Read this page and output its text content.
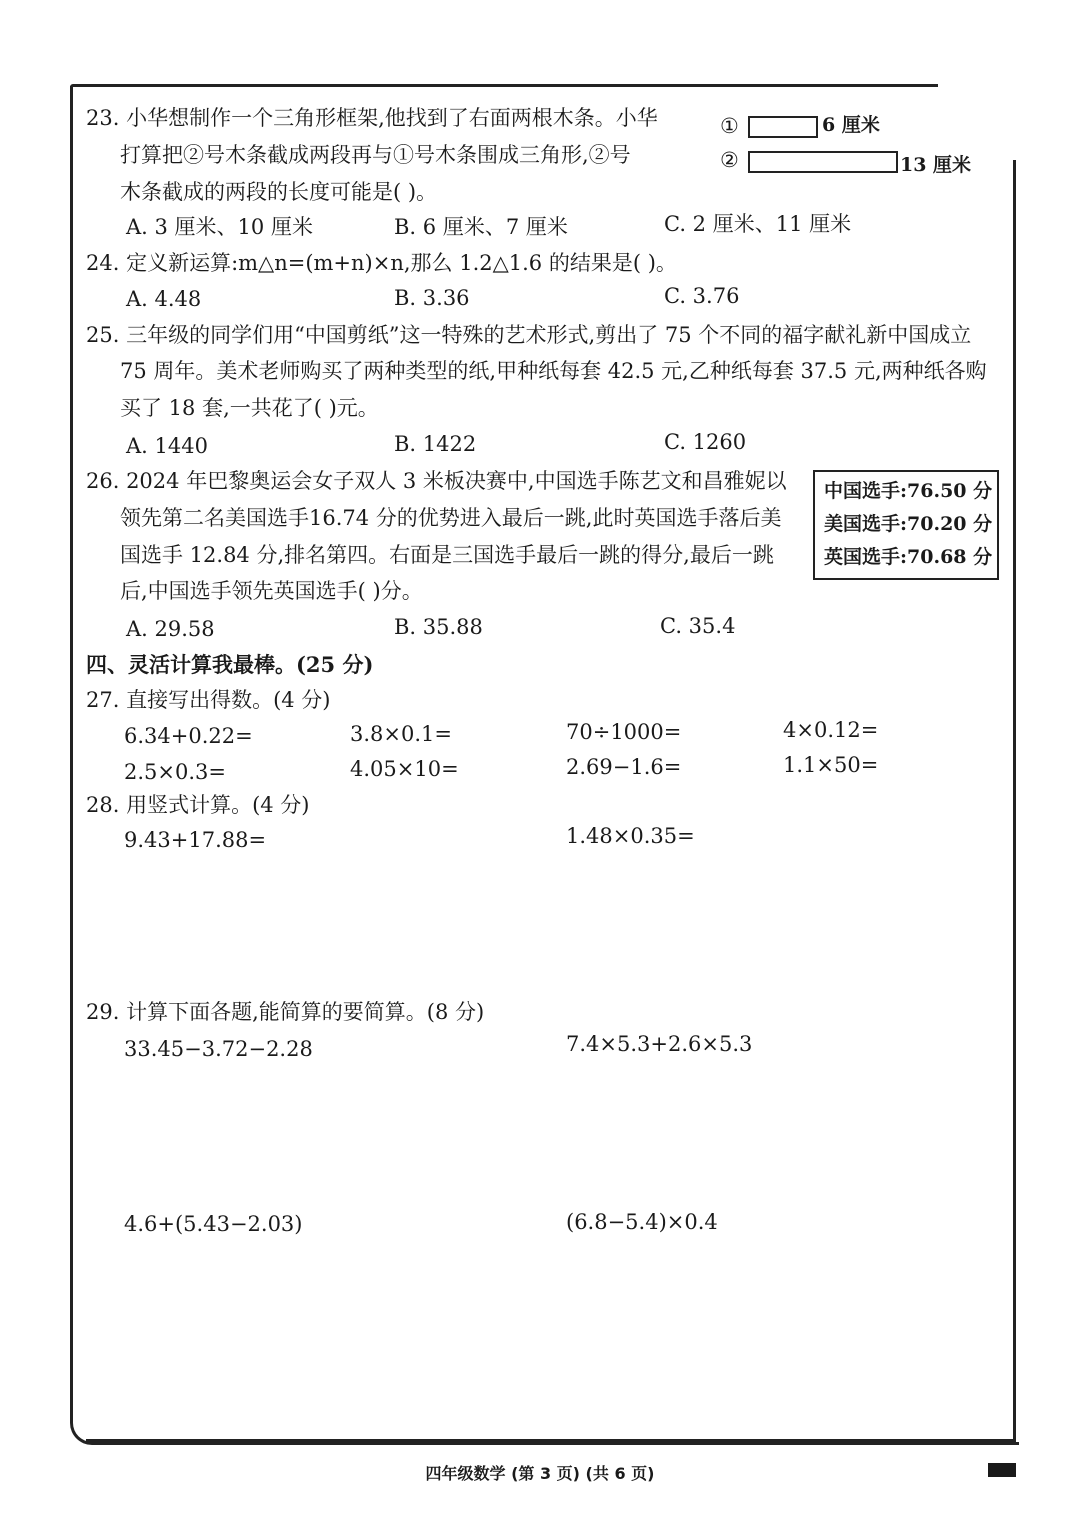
23. 小华想制作一个三角形框架,他找到了右面两根木条。小华
打算把②号木条截成两段再与①号木条围成三角形,②号
木条截成的两段的长度可能是( )。
A. 3 厘米、10 厘米	B. 6 厘米、7 厘米	C. 2 厘米、11 厘米
①	6 厘米
②	13 厘米
24. 定义新运算:m△n=(m+n)×n,那么 1.2△1.6 的结果是( )。
A. 4.48	B. 3.36	C. 3.76
25. 三年级的同学们用“中国剪纸”这一特殊的艺术形式,剪出了 75 个不同的福字献礼新中国成立
75 周年。美术老师购买了两种类型的纸,甲种纸每套 42.5 元,乙种纸每套 37.5 元,两种纸各购
买了 18 套,一共花了( )元。
A. 1440	B. 1422	C. 1260
26. 2024 年巴黎奥运会女子双人 3 米板决赛中,中国选手陈艺文和昌雅妮以
领先第二名美国选手16.74 分的优势进入最后一跳,此时英国选手落后美
国选手 12.84 分,排名第四。右面是三国选手最后一跳的得分,最后一跳
后,中国选手领先英国选手( )分。
A. 29.58	B. 35.88	C. 35.4
中国选手:76.50 分
美国选手:70.20 分
英国选手:70.68 分
四、灵活计算我最棒。(25 分)
27. 直接写出得数。(4 分)
6.34+0.22=	3.8×0.1=	70÷1000=	4×0.12=
2.5×0.3=	4.05×10=	2.69−1.6=	1.1×50=
28. 用竖式计算。(4 分)
9.43+17.88=	1.48×0.35=
29. 计算下面各题,能简算的要简算。(8 分)
33.45−3.72−2.28	7.4×5.3+2.6×5.3
4.6+(5.43−2.03)	(6.8−5.4)×0.4
四年级数学 (第 3 页) (共 6 页)
